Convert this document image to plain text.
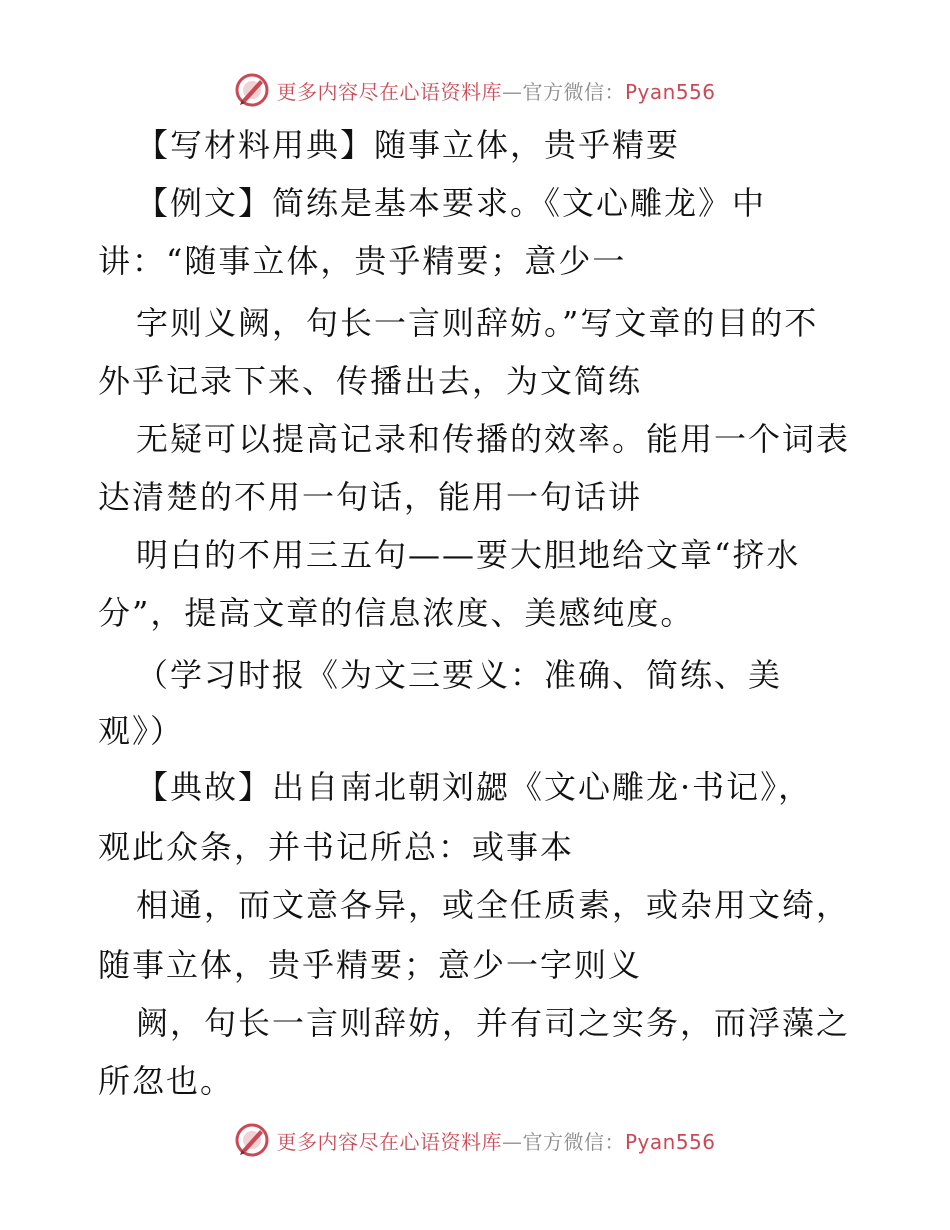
更多内容尽在心语资料库—官方微信：Pyan556
【写材料用典】随事立体，贵乎精要
【例文】简练是基本要求。《文心雕龙》中
讲：“随事立体，贵乎精要；意少一
字则义阙，句长一言则辞妨。”写文章的目的不
外乎记录下来、传播出去，为文简练
无疑可以提高记录和传播的效率。能用一个词表
达清楚的不用一句话，能用一句话讲
明白的不用三五句——要大胆地给文章“挤水
分”，提高文章的信息浓度、美感纯度。
（学习时报《为文三要义：准确、简练、美
观》）
【典故】出自南北朝刘勰《文心雕龙·书记》，
观此众条，并书记所总：或事本
相通，而文意各异，或全任质素，或杂用文绮，
随事立体，贵乎精要；意少一字则义
阙，句长一言则辞妨，并有司之实务，而浮藻之
所忽也。
更多内容尽在心语资料库—官方微信：Pyan556
